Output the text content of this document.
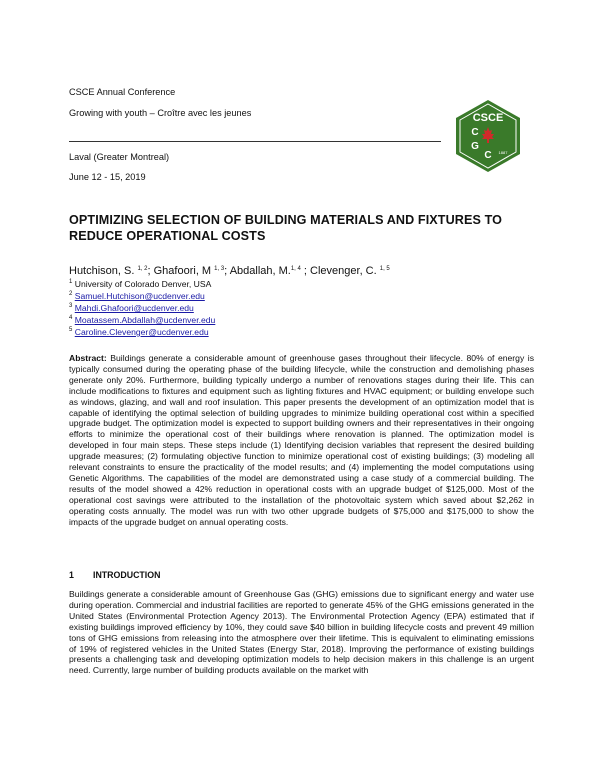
CSCE Annual Conference
Growing with youth – Croître avec les jeunes
Laval (Greater Montreal)
June 12 - 15, 2019
CSCE
C
G
C 1887
OPTIMIZING SELECTION OF BUILDING MATERIALS AND FIXTURES TO
REDUCE OPERATIONAL COSTS
Hutchison, S. $^{1, 2}$; Ghafoori, M $^{1, 3}$; Abdallah, M.$^{1, 4}$ ; Clevenger, C. $^{1, 5}$
$^1$ University of Colorado Denver, USA
$^2$ Samuel.Hutchison@ucdenver.edu
$^3$ Mahdi.Ghafoori@ucdenver.edu
$^4$ Moatassem.Abdallah@ucdenver.edu
$^5$ Caroline.Clevenger@ucdenver.edu
Abstract: Buildings generate a considerable amount of greenhouse gases throughout their lifecycle. 80% of energy is typically consumed during the operating phase of the building lifecycle, while the construction and demolishing phases generate only 20%. Furthermore, building typically undergo a number of renovations stages during their life. This can include modifications to fixtures and equipment such as lighting fixtures and HVAC equipment; or building envelope such as windows, glazing, and wall and roof insulation. This paper presents the development of an optimization model that is capable of identifying the optimal selection of building upgrades to minimize building operational cost within a specified upgrade budget. The optimization model is expected to support building owners and their representatives in their ongoing efforts to minimize the operational cost of their buildings where renovation is planned. The optimization model is developed in four main steps. These steps include (1) Identifying decision variables that represent the desired building upgrade measures; (2) formulating objective function to minimize operational cost of existing buildings; (3) modeling all relevant constraints to ensure the practicality of the model results; and (4) implementing the model computations using Genetic Algorithms. The capabilities of the model are demonstrated using a case study of a commercial building. The results of the model showed a 42% reduction in operational costs with an upgrade budget of $125,000. Most of the operational cost savings were attributed to the installation of the photovoltaic system which saved about $2,262 in operating costs annually. The model was run with two other upgrade budgets of $75,000 and $175,000 to show the impacts of the upgrade budget on annual operating costs.
1 INTRODUCTION
Buildings generate a considerable amount of Greenhouse Gas (GHG) emissions due to significant energy and water use during operation. Commercial and industrial facilities are reported to generate 45% of the GHG emissions generated in the United States (Environmental Protection Agency 2013). The Environmental Protection Agency (EPA) estimated that if existing buildings improved efficiency by 10%, they could save $40 billion in building lifecycle costs and prevent 49 million tons of GHG emissions from releasing into the atmosphere over their lifetime. This is equivalent to eliminating emissions of 19% of registered vehicles in the United States (Energy Star, 2018). Improving the performance of existing buildings presents a challenging task and developing optimization models to help decision makers in this challenge is an urgent need. Currently, large number of building products available on the market with
